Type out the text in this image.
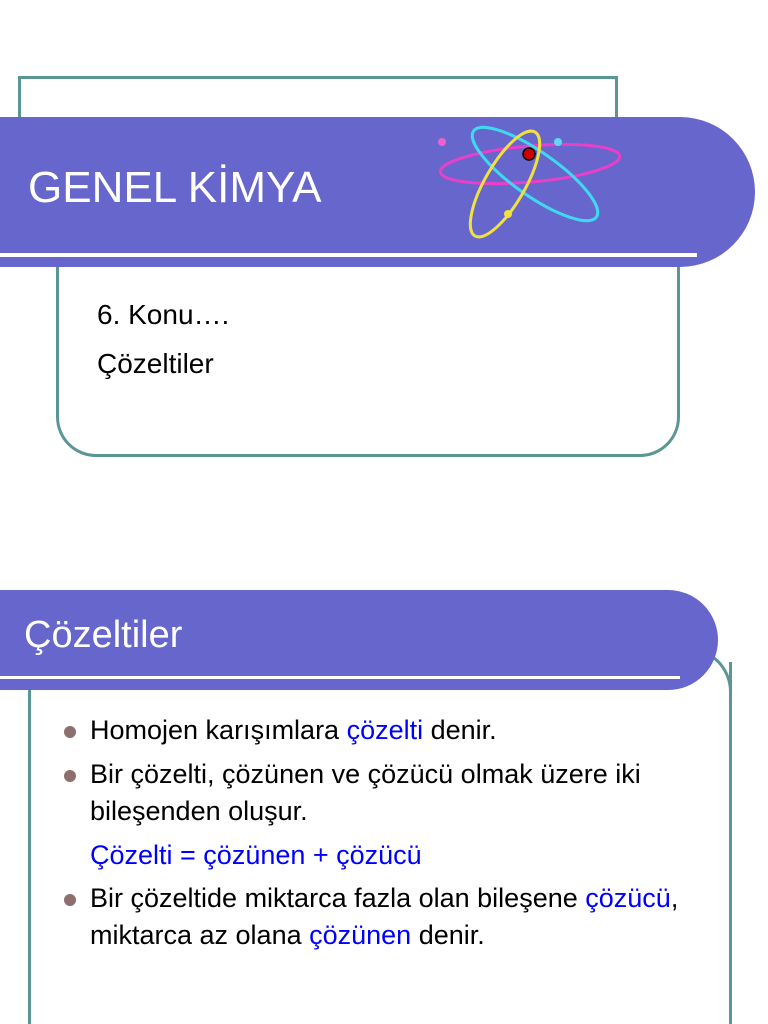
GENEL KİMYA
6. Konu….
Çözeltiler
Çözeltiler
Homojen karışımlara çözelti denir.
Bir çözelti, çözünen ve çözücü olmak üzere iki bileşenden oluşur.
Çözelti = çözünen + çözücü
Bir çözeltide miktarca fazla olan bileşene çözücü, miktarca az olana çözünen denir.
